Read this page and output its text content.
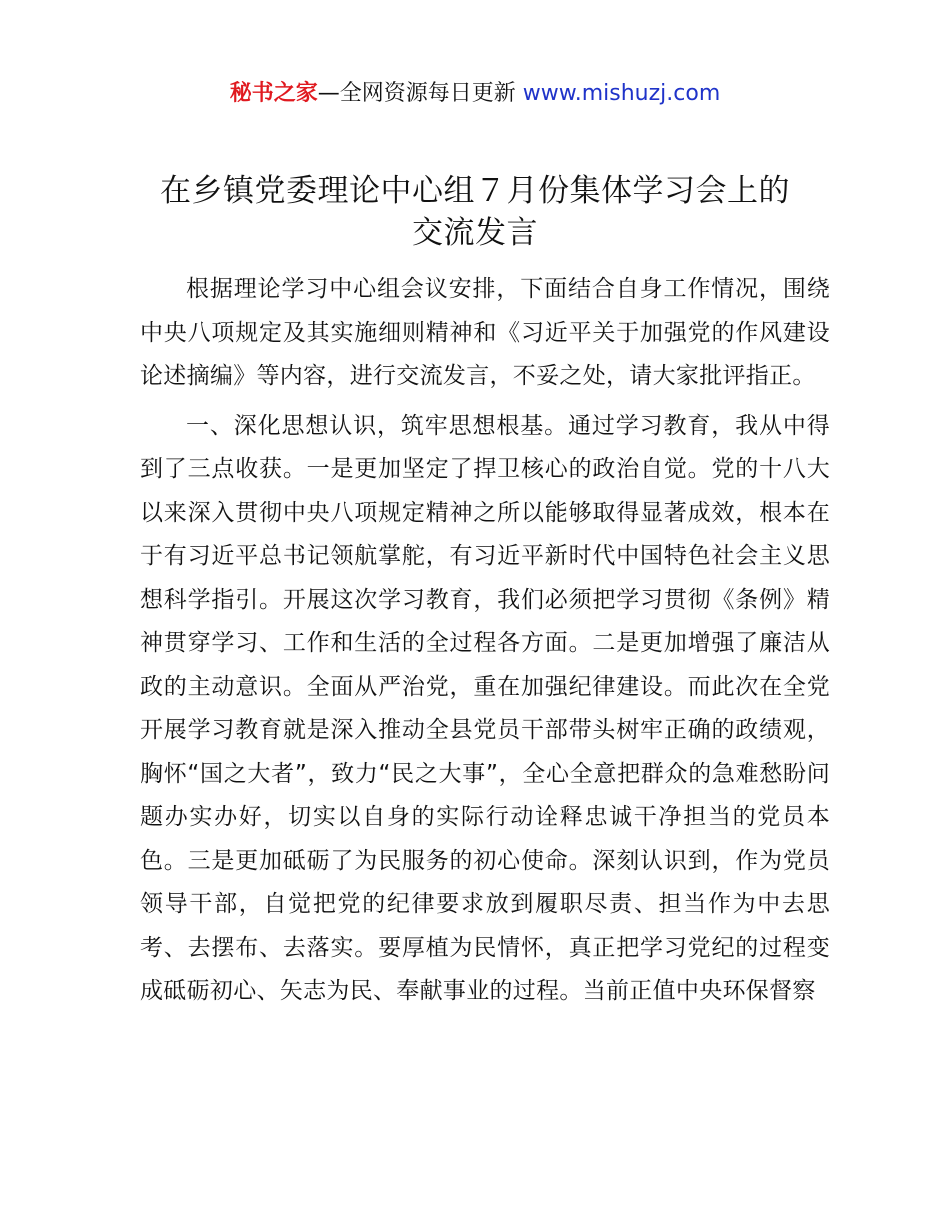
秘书之家—全网资源每日更新 www.mishuzj.com
在乡镇党委理论中心组７月份集体学习会上的
交流发言

根据理论学习中心组会议安排，下面结合自身工作情况，围绕中央八项规定及其实施细则精神和《习近平关于加强党的作风建设论述摘编》等内容，进行交流发言，不妥之处，请大家批评指正。

一、深化思想认识，筑牢思想根基。通过学习教育，我从中得到了三点收获。一是更加坚定了捍卫核心的政治自觉。党的十八大以来深入贯彻中央八项规定精神之所以能够取得显著成效，根本在于有习近平总书记领航掌舵，有习近平新时代中国特色社会主义思想科学指引。开展这次学习教育，我们必须把学习贯彻《条例》精神贯穿学习、工作和生活的全过程各方面。二是更加增强了廉洁从政的主动意识。全面从严治党，重在加强纪律建设。而此次在全党开展学习教育就是深入推动全县党员干部带头树牢正确的政绩观，胸怀“国之大者”，致力“民之大事”，全心全意把群众的急难愁盼问题办实办好，切实以自身的实际行动诠释忠诚干净担当的党员本色。三是更加砥砺了为民服务的初心使命。深刻认识到，作为党员领导干部，自觉把党的纪律要求放到履职尽责、担当作为中去思考、去摆布、去落实。要厚植为民情怀，真正把学习党纪的过程变成砥砺初心、矢志为民、奉献事业的过程。当前正值中央环保督察
